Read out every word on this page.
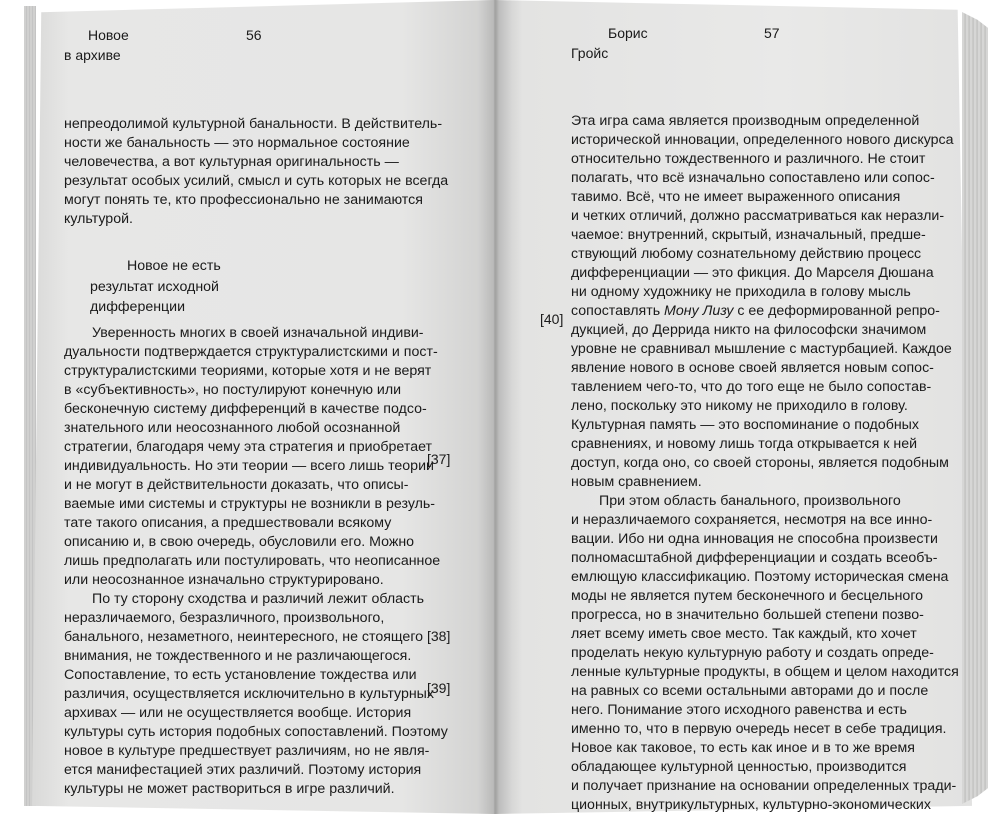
Новое
в архиве
56
непреодолимой культурной банальности. В действитель-
ности же банальность — это нормальное состояние
человечества, а вот культурная оригинальность —
результат особых усилий, смысл и суть которых не всегда
могут понять те, кто профессионально не занимаются
культурой.
Новое не есть
результат исходной
дифференции
Уверенность многих в своей изначальной индиви-
дуальности подтверждается структуралистскими и пост-
структуралистскими теориями, которые хотя и не верят
в «субъективность», но постулируют конечную или
бесконечную систему дифференций в качестве подсо-
знательного или неосознанного любой осознанной
стратегии, благодаря чему эта стратегия и приобретает
индивидуальность. Но эти теории — всего лишь теории
и не могут в действительности доказать, что описы-
ваемые ими системы и структуры не возникли в резуль-
тате такого описания, а предшествовали всякому
описанию и, в свою очередь, обусловили его. Можно
лишь предполагать или постулировать, что неописанное
или неосознанное изначально структурировано.
По ту сторону сходства и различий лежит область
неразличаемого, безразличного, произвольного,
банального, незаметного, неинтересного, не стоящего
внимания, не тождественного и не различающегося.
Сопоставление, то есть установление тождества или
различия, осуществляется исключительно в культурных
архивах — или не осуществляется вообще. История
культуры суть история подобных сопоставлений. Поэтому
новое в культуре предшествует различиям, но не явля-
ется манифестацией этих различий. Поэтому история
культуры не может раствориться в игре различий.
[37]
[38]
[39]
Борис
Гройс
57
[40]
Эта игра сама является производным определенной
исторической инновации, определенного нового дискурса
относительно тождественного и различного. Не стоит
полагать, что всё изначально сопоставлено или сопос-
тавимо. Всё, что не имеет выраженного описания
и четких отличий, должно рассматриваться как неразли-
чаемое: внутренний, скрытый, изначальный, предше-
ствующий любому сознательному действию процесс
дифференциации — это фикция. До Марселя Дюшана
ни одному художнику не приходила в голову мысль
сопоставлять Мону Лизу с ее деформированной репро-
дукцией, до Деррида никто на философски значимом
уровне не сравнивал мышление с мастурбацией. Каждое
явление нового в основе своей является новым сопос-
тавлением чего-то, что до того еще не было сопостав-
лено, поскольку это никому не приходило в голову.
Культурная память — это воспоминание о подобных
сравнениях, и новому лишь тогда открывается к ней
доступ, когда оно, со своей стороны, является подобным
новым сравнением.
При этом область банального, произвольного
и неразличаемого сохраняется, несмотря на все инно-
вации. Ибо ни одна инновация не способна произвести
полномасштабной дифференциации и создать всеобъ-
емлющую классификацию. Поэтому историческая смена
моды не является путем бесконечного и бесцельного
прогресса, но в значительно большей степени позво-
ляет всему иметь свое место. Так каждый, кто хочет
проделать некую культурную работу и создать опреде-
ленные культурные продукты, в общем и целом находится
на равных со всеми остальными авторами до и после
него. Понимание этого исходного равенства и есть
именно то, что в первую очередь несет в себе традиция.
Новое как таковое, то есть как иное и в то же время
обладающее культурной ценностью, производится
и получает признание на основании определенных тради-
ционных, внутрикультурных, культурно-экономических
